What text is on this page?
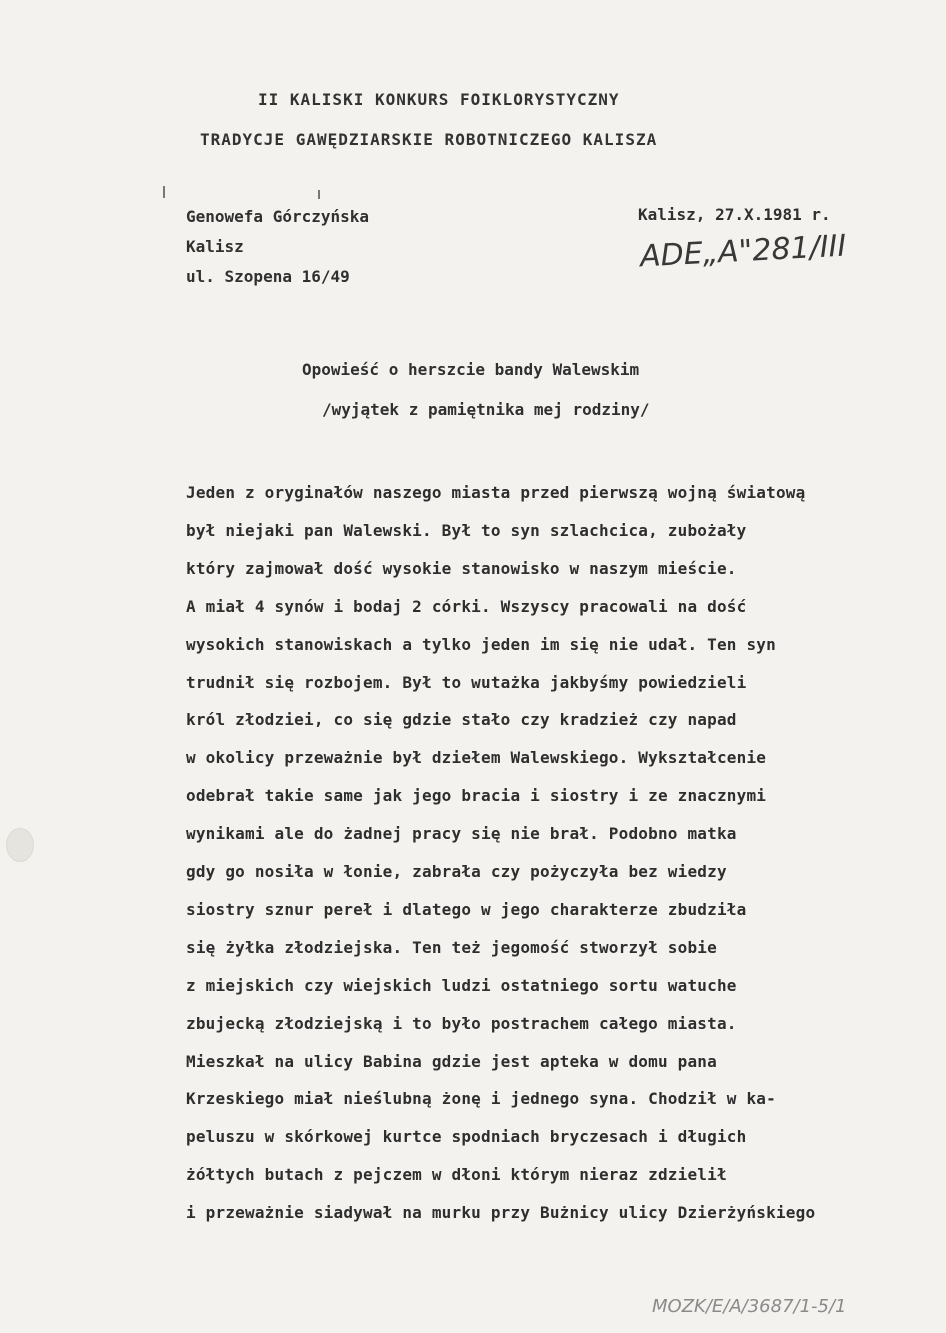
II KALISKI KONKURS FOIKLORYSTYCZNY
TRADYCJE GAWĘDZIARSKIE ROBOTNICZEGO KALISZA
Genowefa Górczyńska
Kalisz
ul. Szopena 16/49
Kalisz, 27.X.1981 r.
ADE„A"281/III
Opowieść o herszcie bandy Walewskim
/wyjątek z pamiętnika mej rodziny/
Jeden z oryginałów naszego miasta przed pierwszą wojną światową
był niejaki pan Walewski. Był to syn szlachcica, zubożały
który zajmował dość wysokie stanowisko w naszym mieście.
A miał 4 synów i bodaj 2 córki. Wszyscy pracowali na dość
wysokich stanowiskach a tylko jeden im się nie udał. Ten syn
trudnił się rozbojem. Był to wutażka jakbyśmy powiedzieli
król złodziei, co się gdzie stało czy kradzież czy napad
w okolicy przeważnie był dziełem Walewskiego. Wykształcenie
odebrał takie same jak jego bracia i siostry i ze znacznymi
wynikami ale do żadnej pracy się nie brał. Podobno matka
gdy go nosiła w łonie, zabrała czy pożyczyła bez wiedzy
siostry sznur pereł i dlatego w jego charakterze zbudziła
się żyłka złodziejska. Ten też jegomość stworzył sobie
z miejskich czy wiejskich ludzi ostatniego sortu watuche
zbujecką złodziejską i to było postrachem całego miasta.
Mieszkał na ulicy Babina gdzie jest apteka w domu pana
Krzeskiego miał nieślubną żonę i jednego syna. Chodził w ka-
peluszu w skórkowej kurtce spodniach bryczesach i długich
żółtych butach z pejczem w dłoni którym nieraz zdzielił
i przeważnie siadywał na murku przy Bużnicy ulicy Dzierżyńskiego
MOZK/E/A/3687/1-5/1
